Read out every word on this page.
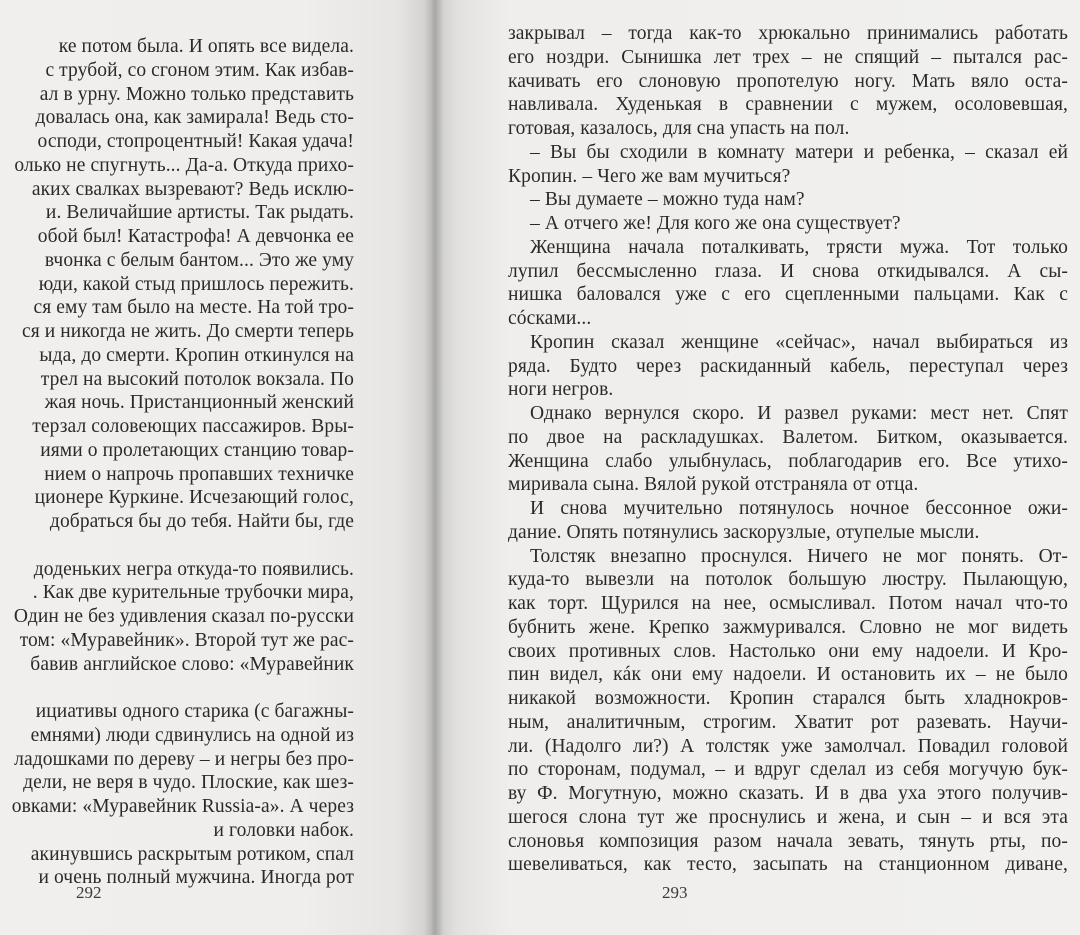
ке потом была. И опять все видела.
с трубой, со сгоном этим. Как избав-
ал в урну. Можно только представить
довалась она, как замирала! Ведь сто-
осподи, стопроцентный! Какая удача!
олько не спугнуть... Да-а. Откуда прихо-
аких свалках вызревают? Ведь исклю-
и. Величайшие артисты. Так рыдать.
обой был! Катастрофа! А девчонка ее
вчонка с белым бантом... Это же уму
юди, какой стыд пришлось пережить.
ся ему там было на месте. На той тро-
ся и никогда не жить. До смерти теперь
ыда, до смерти. Кропин откинулся на
трел на высокий потолок вокзала. По
жая ночь. Пристанционный женский
терзал соловеющих пассажиров. Вры-
иями о пролетающих станцию товар-
нием о напрочь пропавших техничке
ционере Куркине. Исчезающий голос,
добраться бы до тебя. Найти бы, где
доденьких негра откуда-то появились.
. Как две курительные трубочки мира,
Один не без удивления сказал по-русски
том: «Муравейник». Второй тут же рас-
бавив английское слово: «Муравейник
ициативы одного старика (с багажны-
емнями) люди сдвинулись на одной из
ладошками по дереву – и негры без про-
дели, не веря в чудо. Плоские, как шез-
овками: «Муравейник Russia-а». А через
и головки набок.
акинувшись раскрытым ротиком, спал
и очень полный мужчина. Иногда рот
292
закрывал – тогда как-то хрюкально принимались работать
его ноздри. Сынишка лет трех – не спящий – пытался рас-
качивать его слоновую пропотелую ногу. Мать вяло оста-
навливала. Худенькая в сравнении с мужем, осоловевшая,
готовая, казалось, для сна упасть на пол.
– Вы бы сходили в комнату матери и ребенка, – сказал ей
Кропин. – Чего же вам мучиться?
– Вы думаете – можно туда нам?
– А отчего же! Для кого же она существует?
Женщина начала поталкивать, трясти мужа. Тот только
лупил бессмысленно глаза. И снова откидывался. А сы-
нишка баловался уже с его сцепленными пальцами. Как с
сóсками...
Кропин сказал женщине «сейчас», начал выбираться из
ряда. Будто через раскиданный кабель, переступал через
ноги негров.
Однако вернулся скоро. И развел руками: мест нет. Спят
по двое на раскладушках. Валетом. Битком, оказывается.
Женщина слабо улыбнулась, поблагодарив его. Все утихо-
миривала сына. Вялой рукой отстраняла от отца.
И снова мучительно потянулось ночное бессонное ожи-
дание. Опять потянулись заскорузлые, отупелые мысли.
Толстяк внезапно проснулся. Ничего не мог понять. От-
куда-то вывезли на потолок большую люстру. Пылающую,
как торт. Щурился на нее, осмысливал. Потом начал что-то
бубнить жене. Крепко зажмуривался. Словно не мог видеть
своих противных слов. Настолько они ему надоели. И Кро-
пин видел, кáк они ему надоели. И остановить их – не было
никакой возможности. Кропин старался быть хладнокров-
ным, аналитичным, строгим. Хватит рот разевать. Научи-
ли. (Надолго ли?) А толстяк уже замолчал. Повадил головой
по сторонам, подумал, – и вдруг сделал из себя могучую бук-
ву Ф. Могутную, можно сказать. И в два уха этого получив-
шегося слона тут же проснулись и жена, и сын – и вся эта
слоновья композиция разом начала зевать, тянуть рты, по-
шевеливаться, как тесто, засыпать на станционном диване,
293
